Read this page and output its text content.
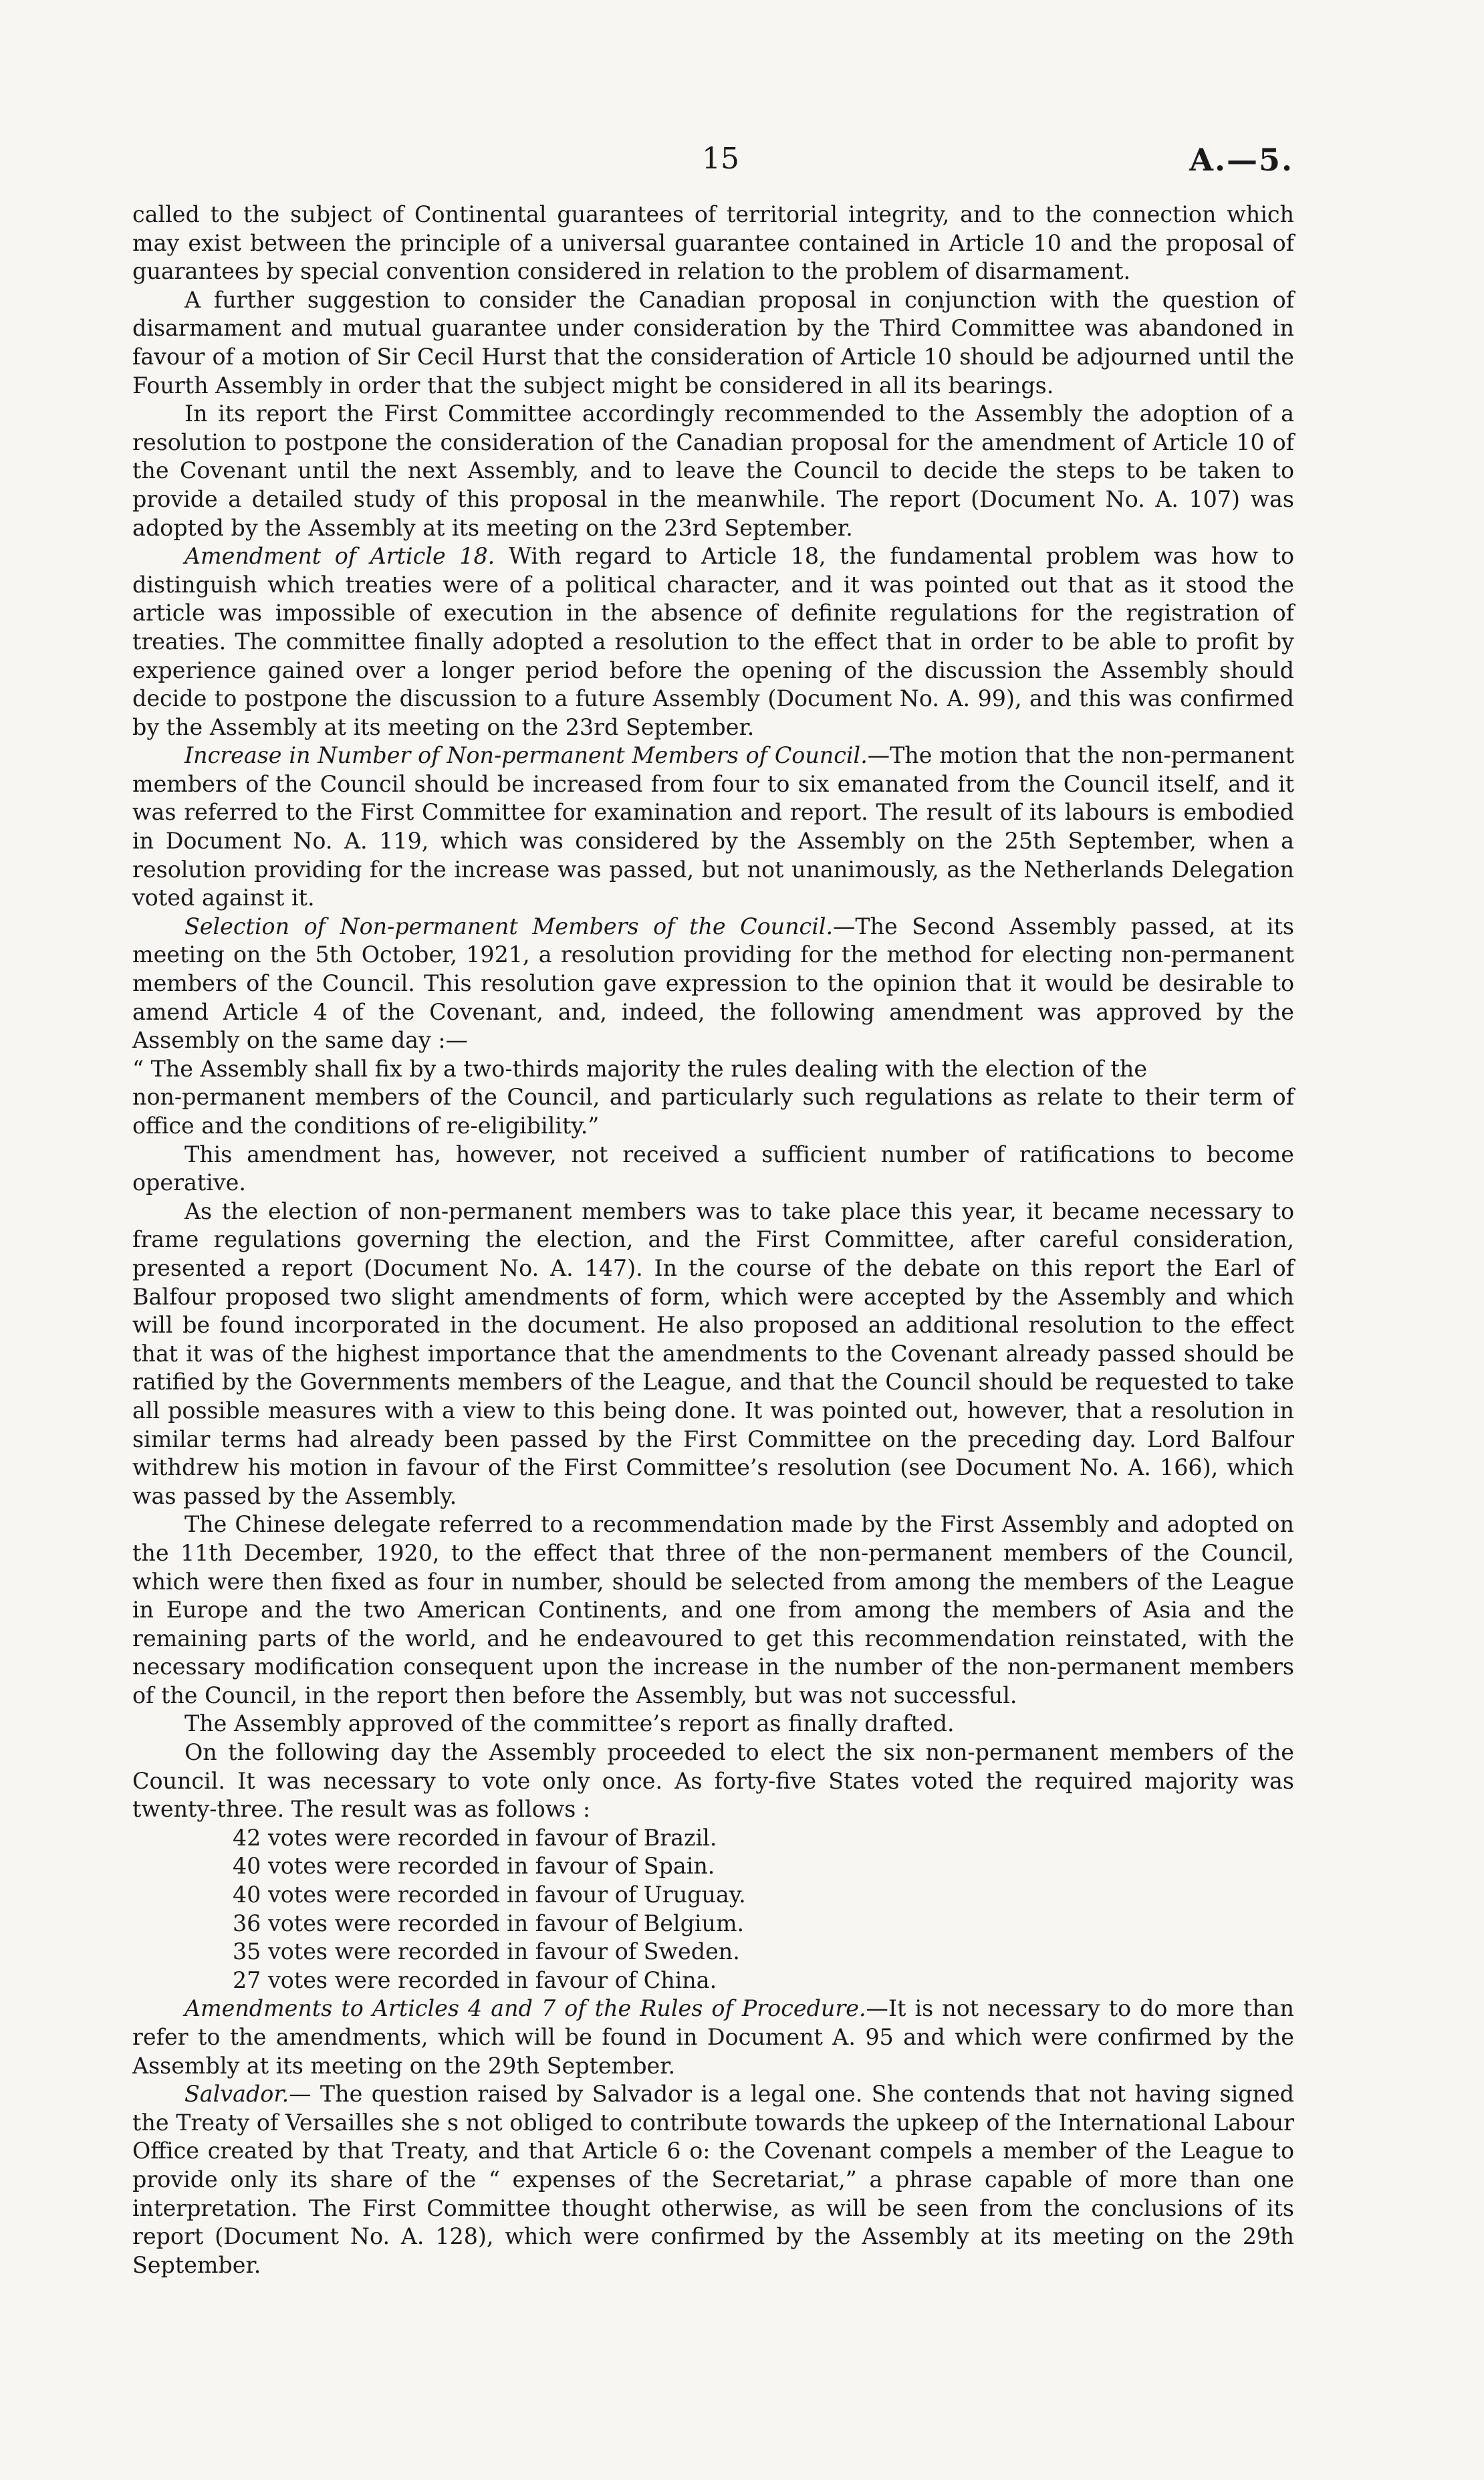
15	A.—5.

called to the subject of Continental guarantees of territorial integrity, and to the connection which may exist between the principle of a universal guarantee contained in Article 10 and the proposal of guarantees by special convention considered in relation to the problem of disarmament.

A further suggestion to consider the Canadian proposal in conjunction with the question of disarmament and mutual guarantee under consideration by the Third Committee was abandoned in favour of a motion of Sir Cecil Hurst that the consideration of Article 10 should be adjourned until the Fourth Assembly in order that the subject might be considered in all its bearings.

In its report the First Committee accordingly recommended to the Assembly the adoption of a resolution to postpone the consideration of the Canadian proposal for the amendment of Article 10 of the Covenant until the next Assembly, and to leave the Council to decide the steps to be taken to provide a detailed study of this proposal in the meanwhile. The report (Document No. A. 107) was adopted by the Assembly at its meeting on the 23rd September.

Amendment of Article 18. With regard to Article 18, the fundamental problem was how to distinguish which treaties were of a political character, and it was pointed out that as it stood the article was impossible of execution in the absence of definite regulations for the registration of treaties. The committee finally adopted a resolution to the effect that in order to be able to profit by experience gained over a longer period before the opening of the discussion the Assembly should decide to postpone the discussion to a future Assembly (Document No. A. 99), and this was confirmed by the Assembly at its meeting on the 23rd September.

Increase in Number of Non-permanent Members of Council.—The motion that the non-permanent members of the Council should be increased from four to six emanated from the Council itself, and it was referred to the First Committee for examination and report. The result of its labours is embodied in Document No. A. 119, which was considered by the Assembly on the 25th September, when a resolution providing for the increase was passed, but not unanimously, as the Netherlands Delegation voted against it.

Selection of Non-permanent Members of the Council.—The Second Assembly passed, at its meeting on the 5th October, 1921, a resolution providing for the method for electing non-permanent members of the Council. This resolution gave expression to the opinion that it would be desirable to amend Article 4 of the Covenant, and, indeed, the following amendment was approved by the Assembly on the same day :—

“ The Assembly shall fix by a two-thirds majority the rules dealing with the election of the

non-permanent members of the Council, and particularly such regulations as relate to their term of office and the conditions of re-eligibility.”

This amendment has, however, not received a sufficient number of ratifications to become operative.

As the election of non-permanent members was to take place this year, it became necessary to frame regulations governing the election, and the First Committee, after careful consideration, presented a report (Document No. A. 147). In the course of the debate on this report the Earl of Balfour proposed two slight amendments of form, which were accepted by the Assembly and which will be found incorporated in the document. He also proposed an additional resolution to the effect that it was of the highest importance that the amendments to the Covenant already passed should be ratified by the Governments members of the League, and that the Council should be requested to take all possible measures with a view to this being done. It was pointed out, however, that a resolution in similar terms had already been passed by the First Committee on the preceding day. Lord Balfour withdrew his motion in favour of the First Committee’s resolution (see Document No. A. 166), which was passed by the Assembly.

The Chinese delegate referred to a recommendation made by the First Assembly and adopted on the 11th December, 1920, to the effect that three of the non-permanent members of the Council, which were then fixed as four in number, should be selected from among the members of the League in Europe and the two American Continents, and one from among the members of Asia and the remaining parts of the world, and he endeavoured to get this recommendation reinstated, with the necessary modification consequent upon the increase in the number of the non-permanent members of the Council, in the report then before the Assembly, but was not successful.

The Assembly approved of the committee’s report as finally drafted.

On the following day the Assembly proceeded to elect the six non-permanent members of the Council. It was necessary to vote only once. As forty-five States voted the required majority was twenty-three. The result was as follows :

42 votes were recorded in favour of Brazil.
40 votes were recorded in favour of Spain.
40 votes were recorded in favour of Uruguay.
36 votes were recorded in favour of Belgium.
35 votes were recorded in favour of Sweden.
27 votes were recorded in favour of China.

Amendments to Articles 4 and 7 of the Rules of Procedure.—It is not necessary to do more than refer to the amendments, which will be found in Document A. 95 and which were confirmed by the Assembly at its meeting on the 29th September.

Salvador.— The question raised by Salvador is a legal one. She contends that not having signed the Treaty of Versailles she s not obliged to contribute towards the upkeep of the International Labour Office created by that Treaty, and that Article 6 o: the Covenant compels a member of the League to provide only its share of the “ expenses of the Secretariat,” a phrase capable of more than one interpretation. The First Committee thought otherwise, as will be seen from the conclusions of its report (Document No. A. 128), which were confirmed by the Assembly at its meeting on the 29th September.
